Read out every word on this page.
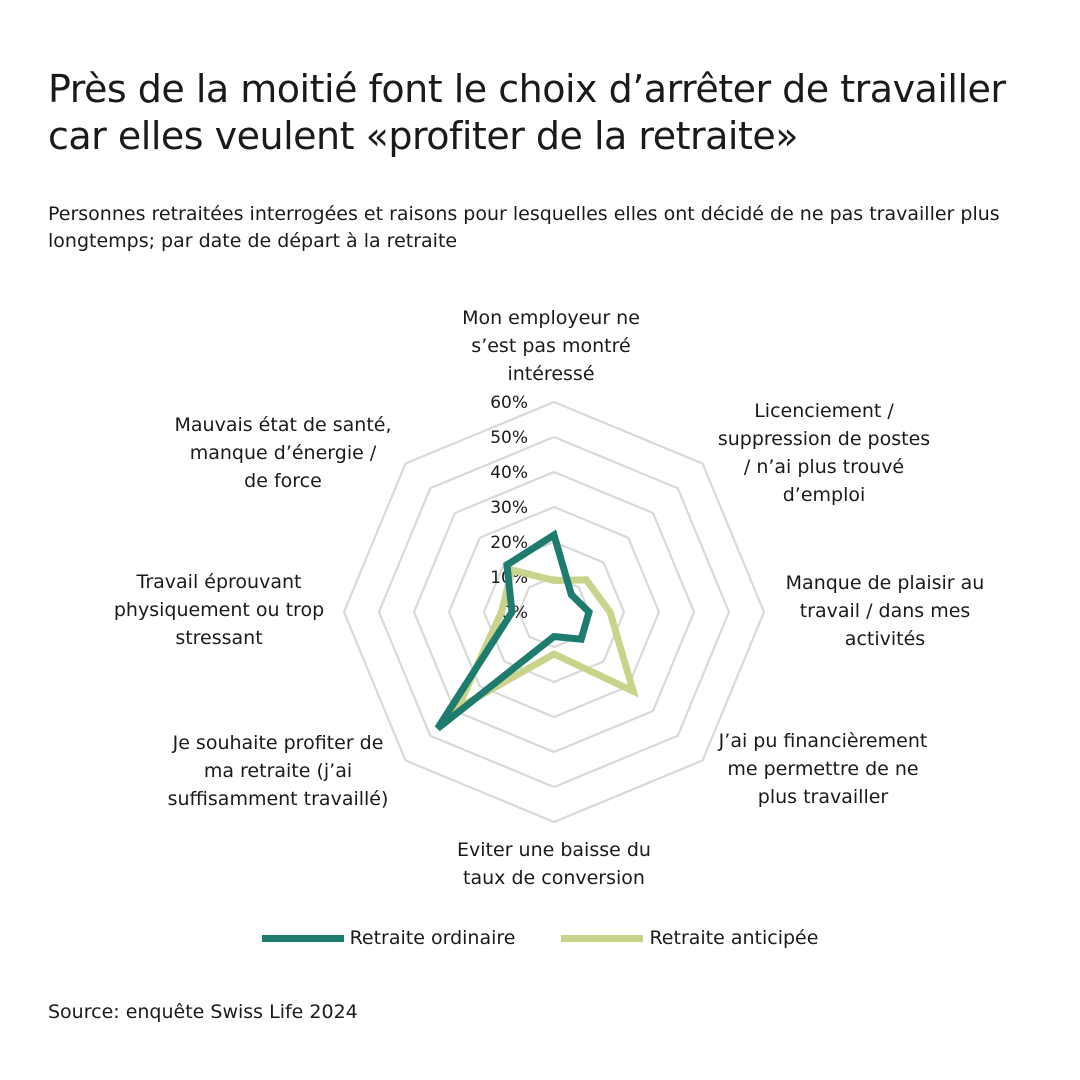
Près de la moitié font le choix d’arrêter de travailler car elles veulent «profiter de la retraite»

Personnes retraitées interrogées et raisons pour lesquelles elles ont décidé de ne pas travailler plus longtemps; par date de départ à la retraite

0%
10%
20%
30%
40%
50%
60%
Mon employeur ne
s’est pas montré
intéressé
Licenciement /
suppression de postes
/ n’ai plus trouvé
d’emploi
Manque de plaisir au
travail / dans mes
activités
J’ai pu financièrement
me permettre de ne
plus travailler
Eviter une baisse du
taux de conversion
Je souhaite profiter de
ma retraite (j’ai
suffisamment travaillé)
Travail éprouvant
physiquement ou trop
stressant
Mauvais état de santé,
manque d’énergie /
de force
Retraite ordinaire	Retraite anticipée
Source: enquête Swiss Life 2024
